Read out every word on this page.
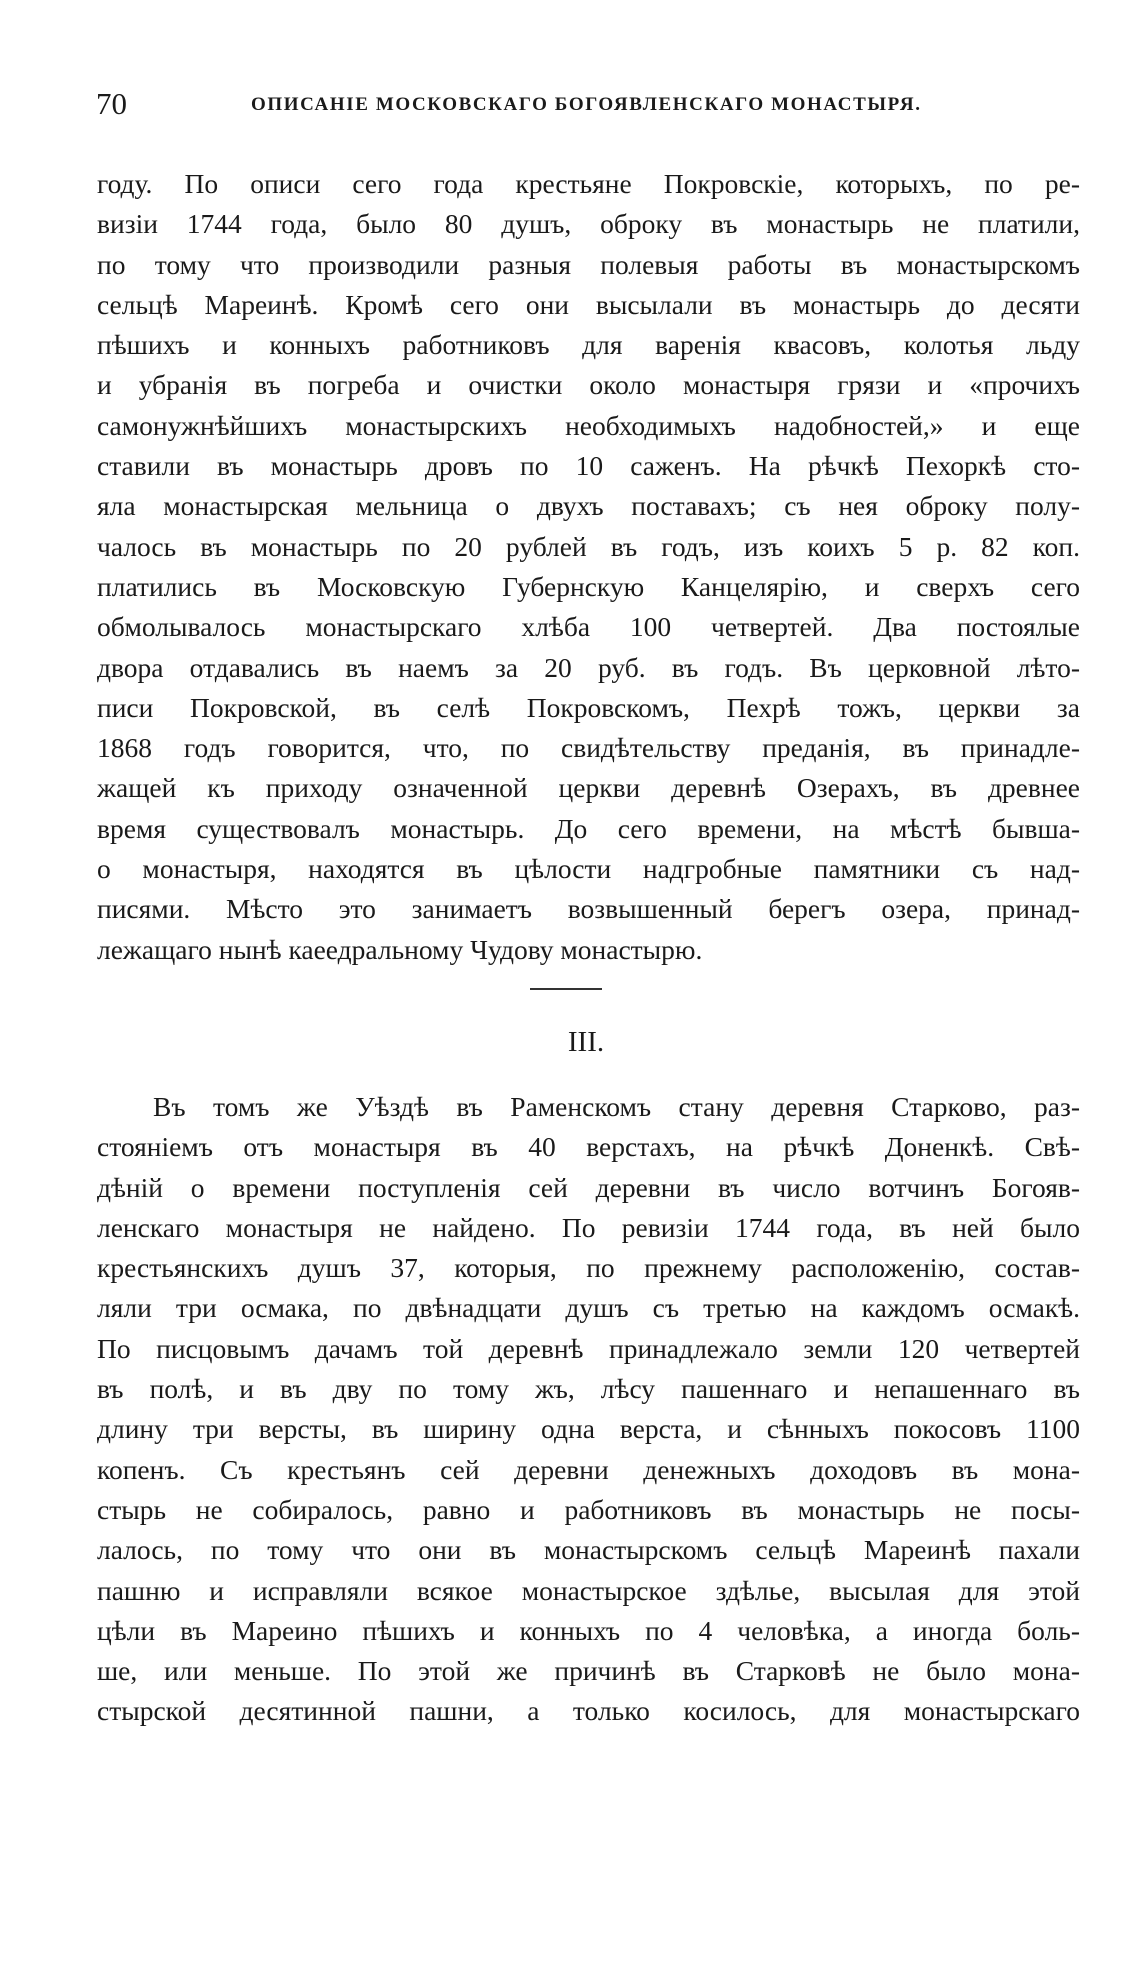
70	ОПИСАНІЕ МОСКОВСКАГО БОГОЯВЛЕНСКАГО МОНАСТЫРЯ.
году. По описи сего года крестьяне Покровскіе, которыхъ, по ре-
визіи 1744 года, было 80 душъ, оброку въ монастырь не платили,
по тому что производили разныя полевыя работы въ монастырскомъ
сельцѣ Мареинѣ. Кромѣ сего они высылали въ монастырь до десяти
пѣшихъ и конныхъ работниковъ для варенія квасовъ, колотья льду
и убранія въ погреба и очистки около монастыря грязи и «прочихъ
самонужнѣйшихъ монастырскихъ необходимыхъ надобностей,» и еще
ставили въ монастырь дровъ по 10 саженъ. На рѣчкѣ Пехоркѣ сто-
яла монастырская мельница о двухъ поставахъ; съ нея оброку полу-
чалось въ монастырь по 20 рублей въ годъ, изъ коихъ 5 р. 82 коп.
платились въ Московскую Губернскую Канцелярію, и сверхъ сего
обмолывалось монастырскаго хлѣба 100 четвертей. Два постоялые
двора отдавались въ наемъ за 20 руб. въ годъ. Въ церковной лѣто-
писи Покровской, въ селѣ Покровскомъ, Пехрѣ тожъ, церкви за
1868 годъ говорится, что, по свидѣтельству преданія, въ принадле-
жащей къ приходу означенной церкви деревнѣ Озерахъ, въ древнее
время существовалъ монастырь. До сего времени, на мѣстѣ бывша-
о монастыря, находятся въ цѣлости надгробные памятники съ над-
писями. Мѣсто это занимаетъ возвышенный берегъ озера, принад-
лежащаго нынѣ каеедральному Чудову монастырю.
III.
Въ томъ же Уѣздѣ въ Раменскомъ стану деревня Старково, раз-
стояніемъ отъ монастыря въ 40 верстахъ, на рѣчкѣ Доненкѣ. Свѣ-
дѣній о времени поступленія сей деревни въ число вотчинъ Богояв-
ленскаго монастыря не найдено. По ревизіи 1744 года, въ ней было
крестьянскихъ душъ 37, которыя, по прежнему расположенію, состав-
ляли три осмака, по двѣнадцати душъ съ третью на каждомъ осмакѣ.
По писцовымъ дачамъ той деревнѣ принадлежало земли 120 четвертей
въ полѣ, и въ дву по тому жъ, лѣсу пашеннаго и непашеннаго въ
длину три версты, въ ширину одна верста, и сѣнныхъ покосовъ 1100
копенъ. Съ крестьянъ сей деревни денежныхъ доходовъ въ мона-
стырь не собиралось, равно и работниковъ въ монастырь не посы-
лалось, по тому что они въ монастырскомъ сельцѣ Мареинѣ пахали
пашню и исправляли всякое монастырское здѣлье, высылая для этой
цѣли въ Мареино пѣшихъ и конныхъ по 4 человѣка, а иногда боль-
ше, или меньше. По этой же причинѣ въ Старковѣ не было мона-
стырской десятинной пашни, а только косилось, для монастырскаго
